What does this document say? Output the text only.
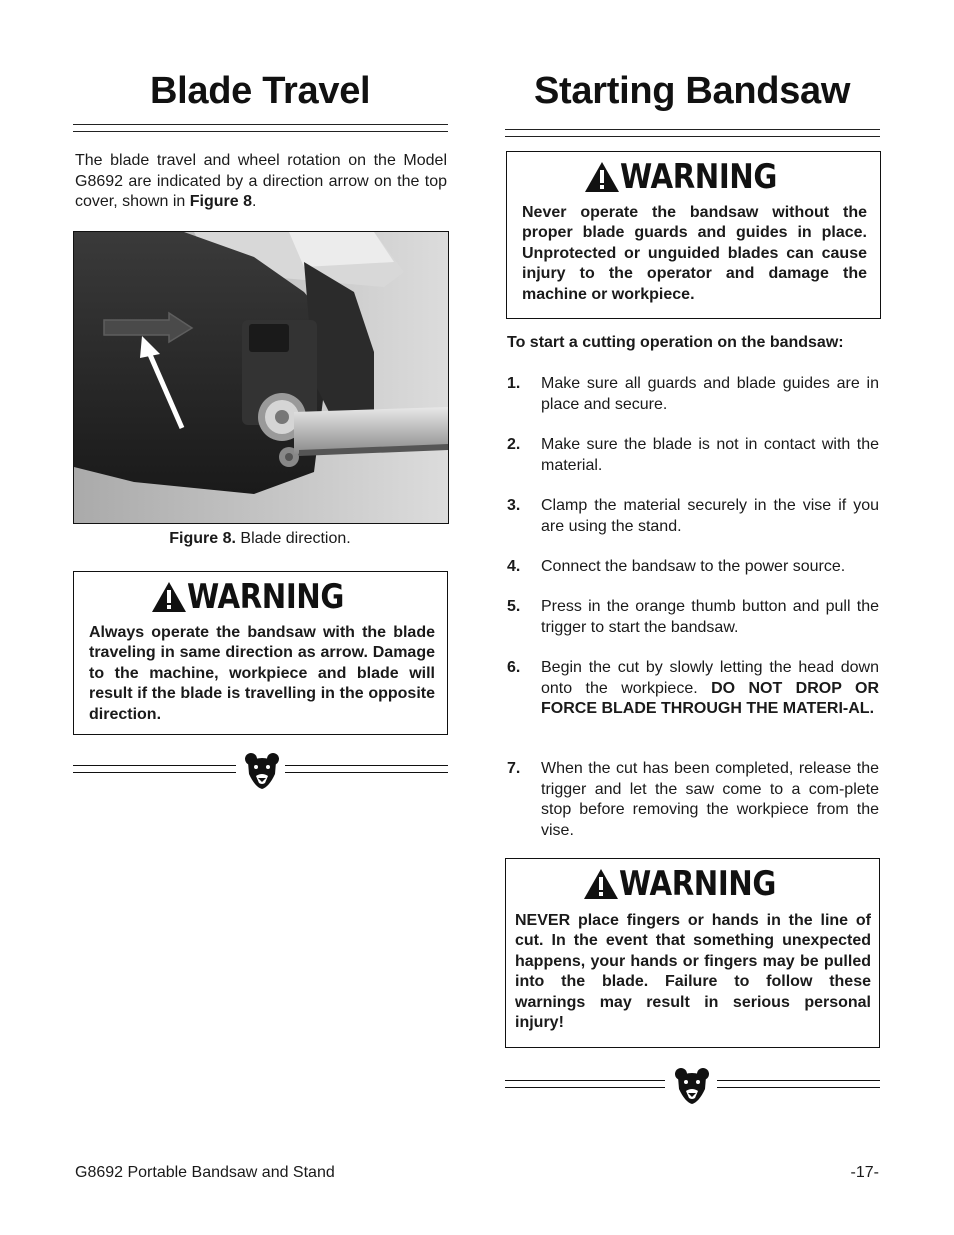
Blade Travel
The blade travel and wheel rotation on the Model G8692 are indicated by a direction arrow on the top cover, shown in Figure 8.
Figure 8. Blade direction.
WARNING
Always operate the bandsaw with the blade traveling in same direction as arrow. Damage to the machine, workpiece and blade will result if the blade is travelling in the opposite direction.
Starting Bandsaw
WARNING
Never operate the bandsaw without the proper blade guards and guides in place. Unprotected or unguided blades can cause injury to the operator and damage the machine or workpiece.
To start a cutting operation on the bandsaw:
1. Make sure all guards and blade guides are in place and secure.
2. Make sure the blade is not in contact with the material.
3. Clamp the material securely in the vise if you are using the stand.
4. Connect the bandsaw to the power source.
5. Press in the orange thumb button and pull the trigger to start the bandsaw.
6. Begin the cut by slowly letting the head down onto the workpiece. DO NOT DROP OR FORCE BLADE THROUGH THE MATERI-AL.
7. When the cut has been completed, release the trigger and let the saw come to a com-plete stop before removing the workpiece from the vise.
WARNING
NEVER place fingers or hands in the line of cut. In the event that something unexpected happens, your hands or fingers may be pulled into the blade. Failure to follow these warnings may result in serious personal injury!
G8692 Portable Bandsaw and Stand	-17-
